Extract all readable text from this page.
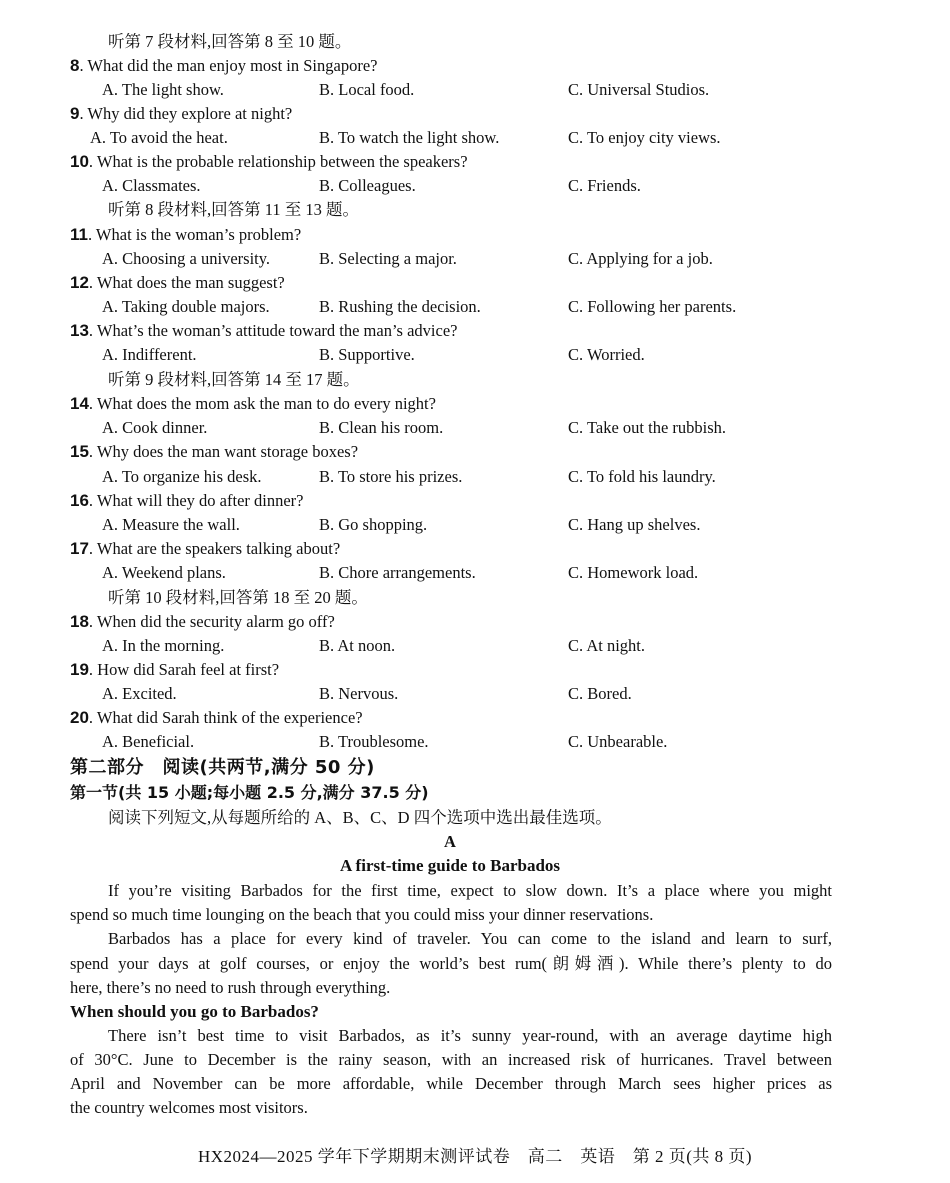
听第 7 段材料,回答第 8 至 10 题。
8. What did the man enjoy most in Singapore?
A. The light show.	B. Local food.	C. Universal Studios.
9. Why did they explore at night?
A. To avoid the heat.	B. To watch the light show.	C. To enjoy city views.
10. What is the probable relationship between the speakers?
A. Classmates.	B. Colleagues.	C. Friends.
听第 8 段材料,回答第 11 至 13 题。
11. What is the woman’s problem?
A. Choosing a university.	B. Selecting a major.	C. Applying for a job.
12. What does the man suggest?
A. Taking double majors.	B. Rushing the decision.	C. Following her parents.
13. What’s the woman’s attitude toward the man’s advice?
A. Indifferent.	B. Supportive.	C. Worried.
听第 9 段材料,回答第 14 至 17 题。
14. What does the mom ask the man to do every night?
A. Cook dinner.	B. Clean his room.	C. Take out the rubbish.
15. Why does the man want storage boxes?
A. To organize his desk.	B. To store his prizes.	C. To fold his laundry.
16. What will they do after dinner?
A. Measure the wall.	B. Go shopping.	C. Hang up shelves.
17. What are the speakers talking about?
A. Weekend plans.	B. Chore arrangements.	C. Homework load.
听第 10 段材料,回答第 18 至 20 题。
18. When did the security alarm go off?
A. In the morning.	B. At noon.	C. At night.
19. How did Sarah feel at first?
A. Excited.	B. Nervous.	C. Bored.
20. What did Sarah think of the experience?
A. Beneficial.	B. Troublesome.	C. Unbearable.
第二部分　阅读(共两节,满分 50 分)
第一节(共 15 小题;每小题 2.5 分,满分 37.5 分)
阅读下列短文,从每题所给的 A、B、C、D 四个选项中选出最佳选项。
A
A first-time guide to Barbados
If you’re visiting Barbados for the first time, expect to slow down. It’s a place where you might
spend so much time lounging on the beach that you could miss your dinner reservations.
Barbados has a place for every kind of traveler. You can come to the island and learn to surf,
spend your days at golf courses, or enjoy the world’s best rum(朗姆酒). While there’s plenty to do
here, there’s no need to rush through everything.
When should you go to Barbados?
There isn’t best time to visit Barbados, as it’s sunny year-round, with an average daytime high
of 30°C. June to December is the rainy season, with an increased risk of hurricanes. Travel between
April and November can be more affordable, while December through March sees higher prices as
the country welcomes most visitors.
HX2024—2025 学年下学期期末测评试卷　高二　英语　第 2 页(共 8 页)
